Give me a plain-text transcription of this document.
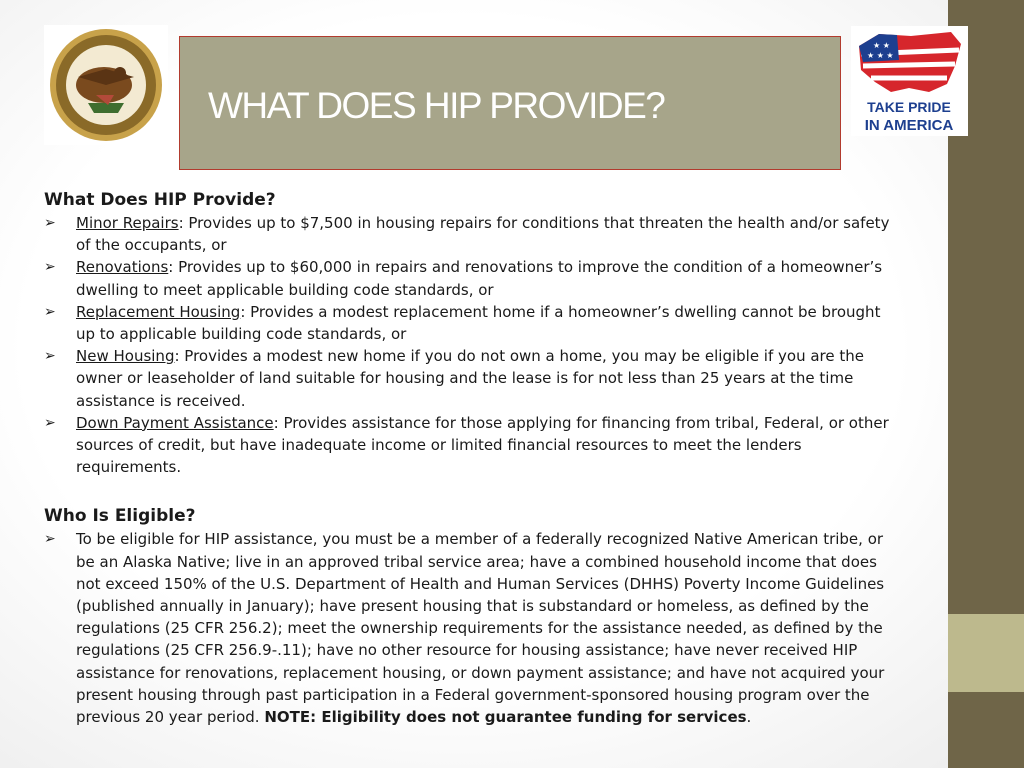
WHAT DOES HIP PROVIDE?
★ ★
★ ★ ★
TAKE PRIDE
IN AMERICA
What Does HIP Provide?
➢ Minor Repairs: Provides up to $7,500 in housing repairs for conditions that threaten the health and/or safety of the occupants, or
➢ Renovations: Provides up to $60,000 in repairs and renovations to improve the condition of a homeowner’s dwelling to meet applicable building code standards, or
➢ Replacement Housing: Provides a modest replacement home if a homeowner’s dwelling cannot be brought up to applicable building code standards, or
➢ New Housing: Provides a modest new home if you do not own a home, you may be eligible if you are the owner or leaseholder of land suitable for housing and the lease is for not less than 25 years at the time assistance is received.
➢ Down Payment Assistance: Provides assistance for those applying for financing from tribal, Federal, or other sources of credit, but have inadequate income or limited financial resources to meet the lenders requirements.
Who Is Eligible?
➢ To be eligible for HIP assistance, you must be a member of a federally recognized Native American tribe, or be an Alaska Native; live in an approved tribal service area; have a combined household income that does not exceed 150% of the U.S. Department of Health and Human Services (DHHS) Poverty Income Guidelines (published annually in January); have present housing that is substandard or homeless, as defined by the regulations (25 CFR 256.2); meet the ownership requirements for the assistance needed, as defined by the regulations (25 CFR 256.9-.11); have no other resource for housing assistance; have never received HIP assistance for renovations, replacement housing, or down payment assistance; and have not acquired your present housing through past participation in a Federal government-sponsored housing program over the previous 20 year period. NOTE: Eligibility does not guarantee funding for services.
